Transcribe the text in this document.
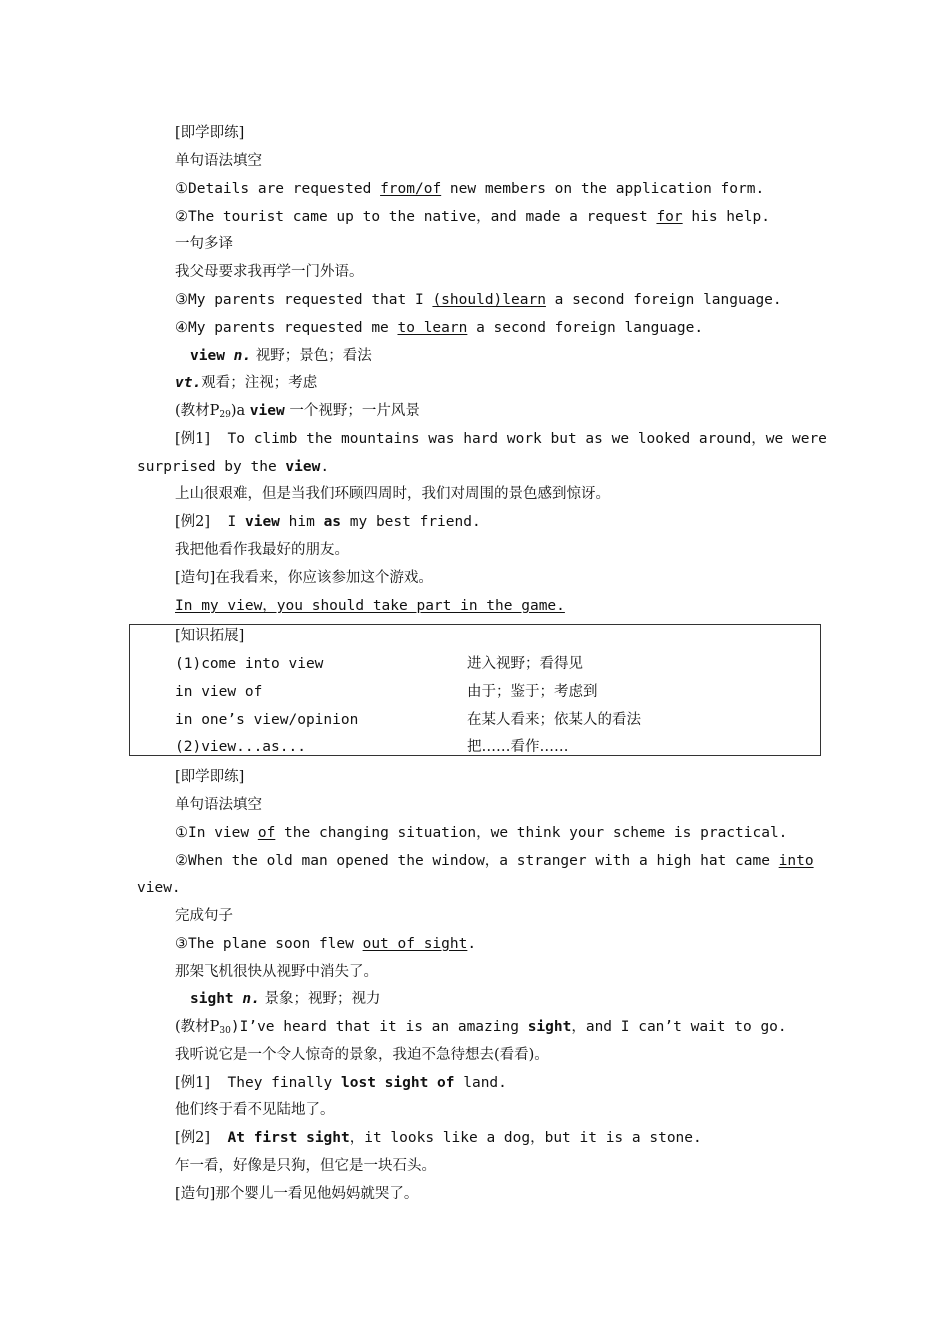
[即学即练]
单句语法填空
①Details are requested from/of new members on the application form.
②The tourist came up to the native，and made a request for his help.
一句多译
我父母要求我再学一门外语。
③My parents requested that I (should)learn a second foreign language.
④My parents requested me to learn a second foreign language.
view n. 视野；景色；看法
vt.观看；注视；考虑
(教材$P_{29})a$ view 一个视野；一片风景
[例1] To climb the mountains was hard work but as we looked around，we were
surprised by the view.
上山很艰难，但是当我们环顾四周时，我们对周围的景色感到惊讶。
[例2] I view him as my best friend.
我把他看作我最好的朋友。
[造句]在我看来，你应该参加这个游戏。
In my view，you should take part in the game.
[知识拓展]
(1)come into view	进入视野；看得见
in view of	由于；鉴于；考虑到
in one’s view/opinion	在某人看来；依某人的看法
(2)view...as...	把……看作……
[即学即练]
单句语法填空
①In view of the changing situation，we think your scheme is practical.
②When the old man opened the window，a stranger with a high hat came into
view.
完成句子
③The plane soon flew out of sight.
那架飞机很快从视野中消失了。
sight n. 景象；视野；视力
(教材$P_{30})I’ve$ heard that it is an amazing sight，and I can’t wait to go.
我听说它是一个令人惊奇的景象，我迫不急待想去(看看)。
[例1] They finally lost sight of land.
他们终于看不见陆地了。
[例2] At first sight，it looks like a dog，but it is a stone.
乍一看，好像是只狗，但它是一块石头。
[造句]那个婴儿一看见他妈妈就哭了。
